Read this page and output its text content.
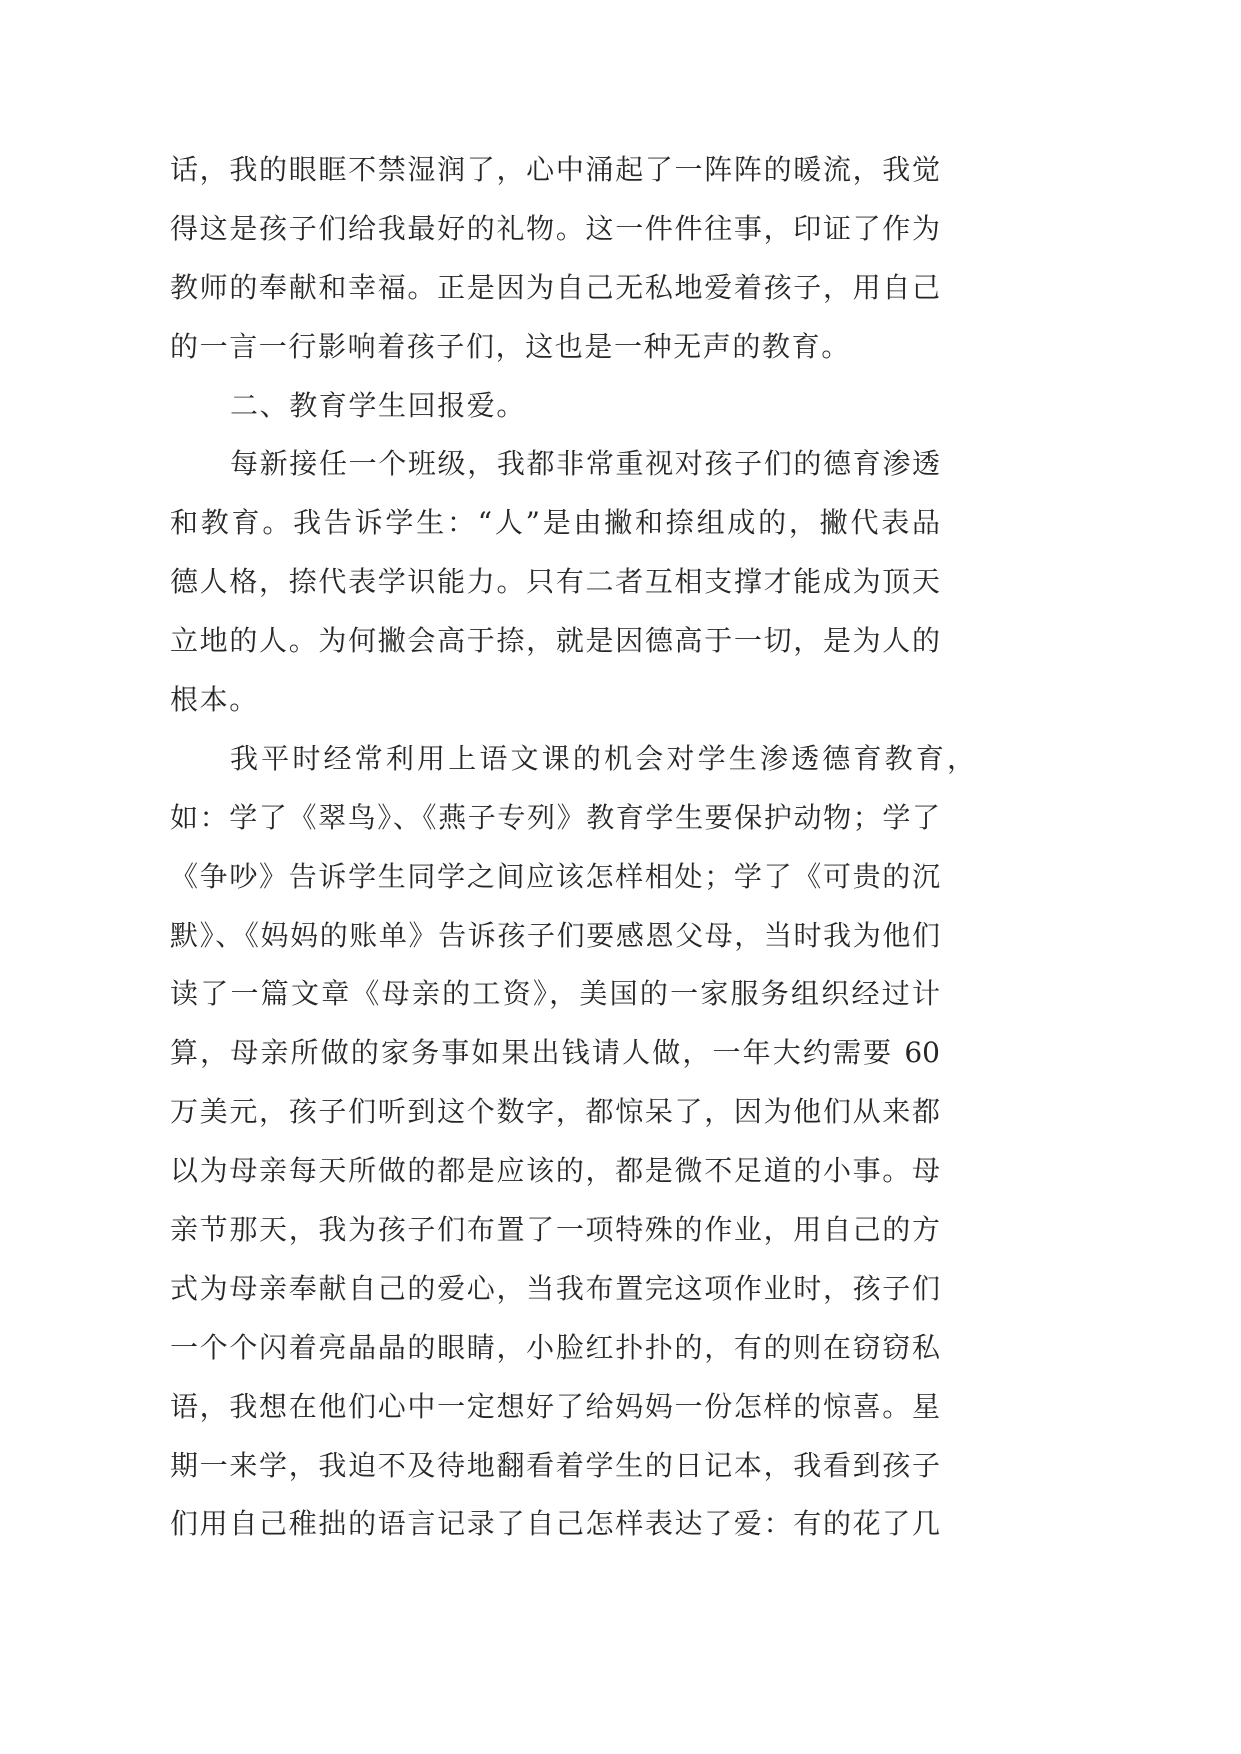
话，我的眼眶不禁湿润了，心中涌起了一阵阵的暖流，我觉
得这是孩子们给我最好的礼物。这一件件往事，印证了作为
教师的奉献和幸福。正是因为自己无私地爱着孩子，用自己
的一言一行影响着孩子们，这也是一种无声的教育。
二、教育学生回报爱。
每新接任一个班级，我都非常重视对孩子们的德育渗透
和教育。我告诉学生：“人”是由撇和捺组成的，撇代表品
德人格，捺代表学识能力。只有二者互相支撑才能成为顶天
立地的人。为何撇会高于捺，就是因德高于一切，是为人的
根本。
我平时经常利用上语文课的机会对学生渗透德育教育，
如：学了《翠鸟》、《燕子专列》教育学生要保护动物；学了
《争吵》告诉学生同学之间应该怎样相处；学了《可贵的沉
默》、《妈妈的账单》告诉孩子们要感恩父母，当时我为他们
读了一篇文章《母亲的工资》，美国的一家服务组织经过计
算，母亲所做的家务事如果出钱请人做，一年大约需要 60
万美元，孩子们听到这个数字，都惊呆了，因为他们从来都
以为母亲每天所做的都是应该的，都是微不足道的小事。母
亲节那天，我为孩子们布置了一项特殊的作业，用自己的方
式为母亲奉献自己的爱心，当我布置完这项作业时，孩子们
一个个闪着亮晶晶的眼睛，小脸红扑扑的，有的则在窃窃私
语，我想在他们心中一定想好了给妈妈一份怎样的惊喜。星
期一来学，我迫不及待地翻看着学生的日记本，我看到孩子
们用自己稚拙的语言记录了自己怎样表达了爱：有的花了几
